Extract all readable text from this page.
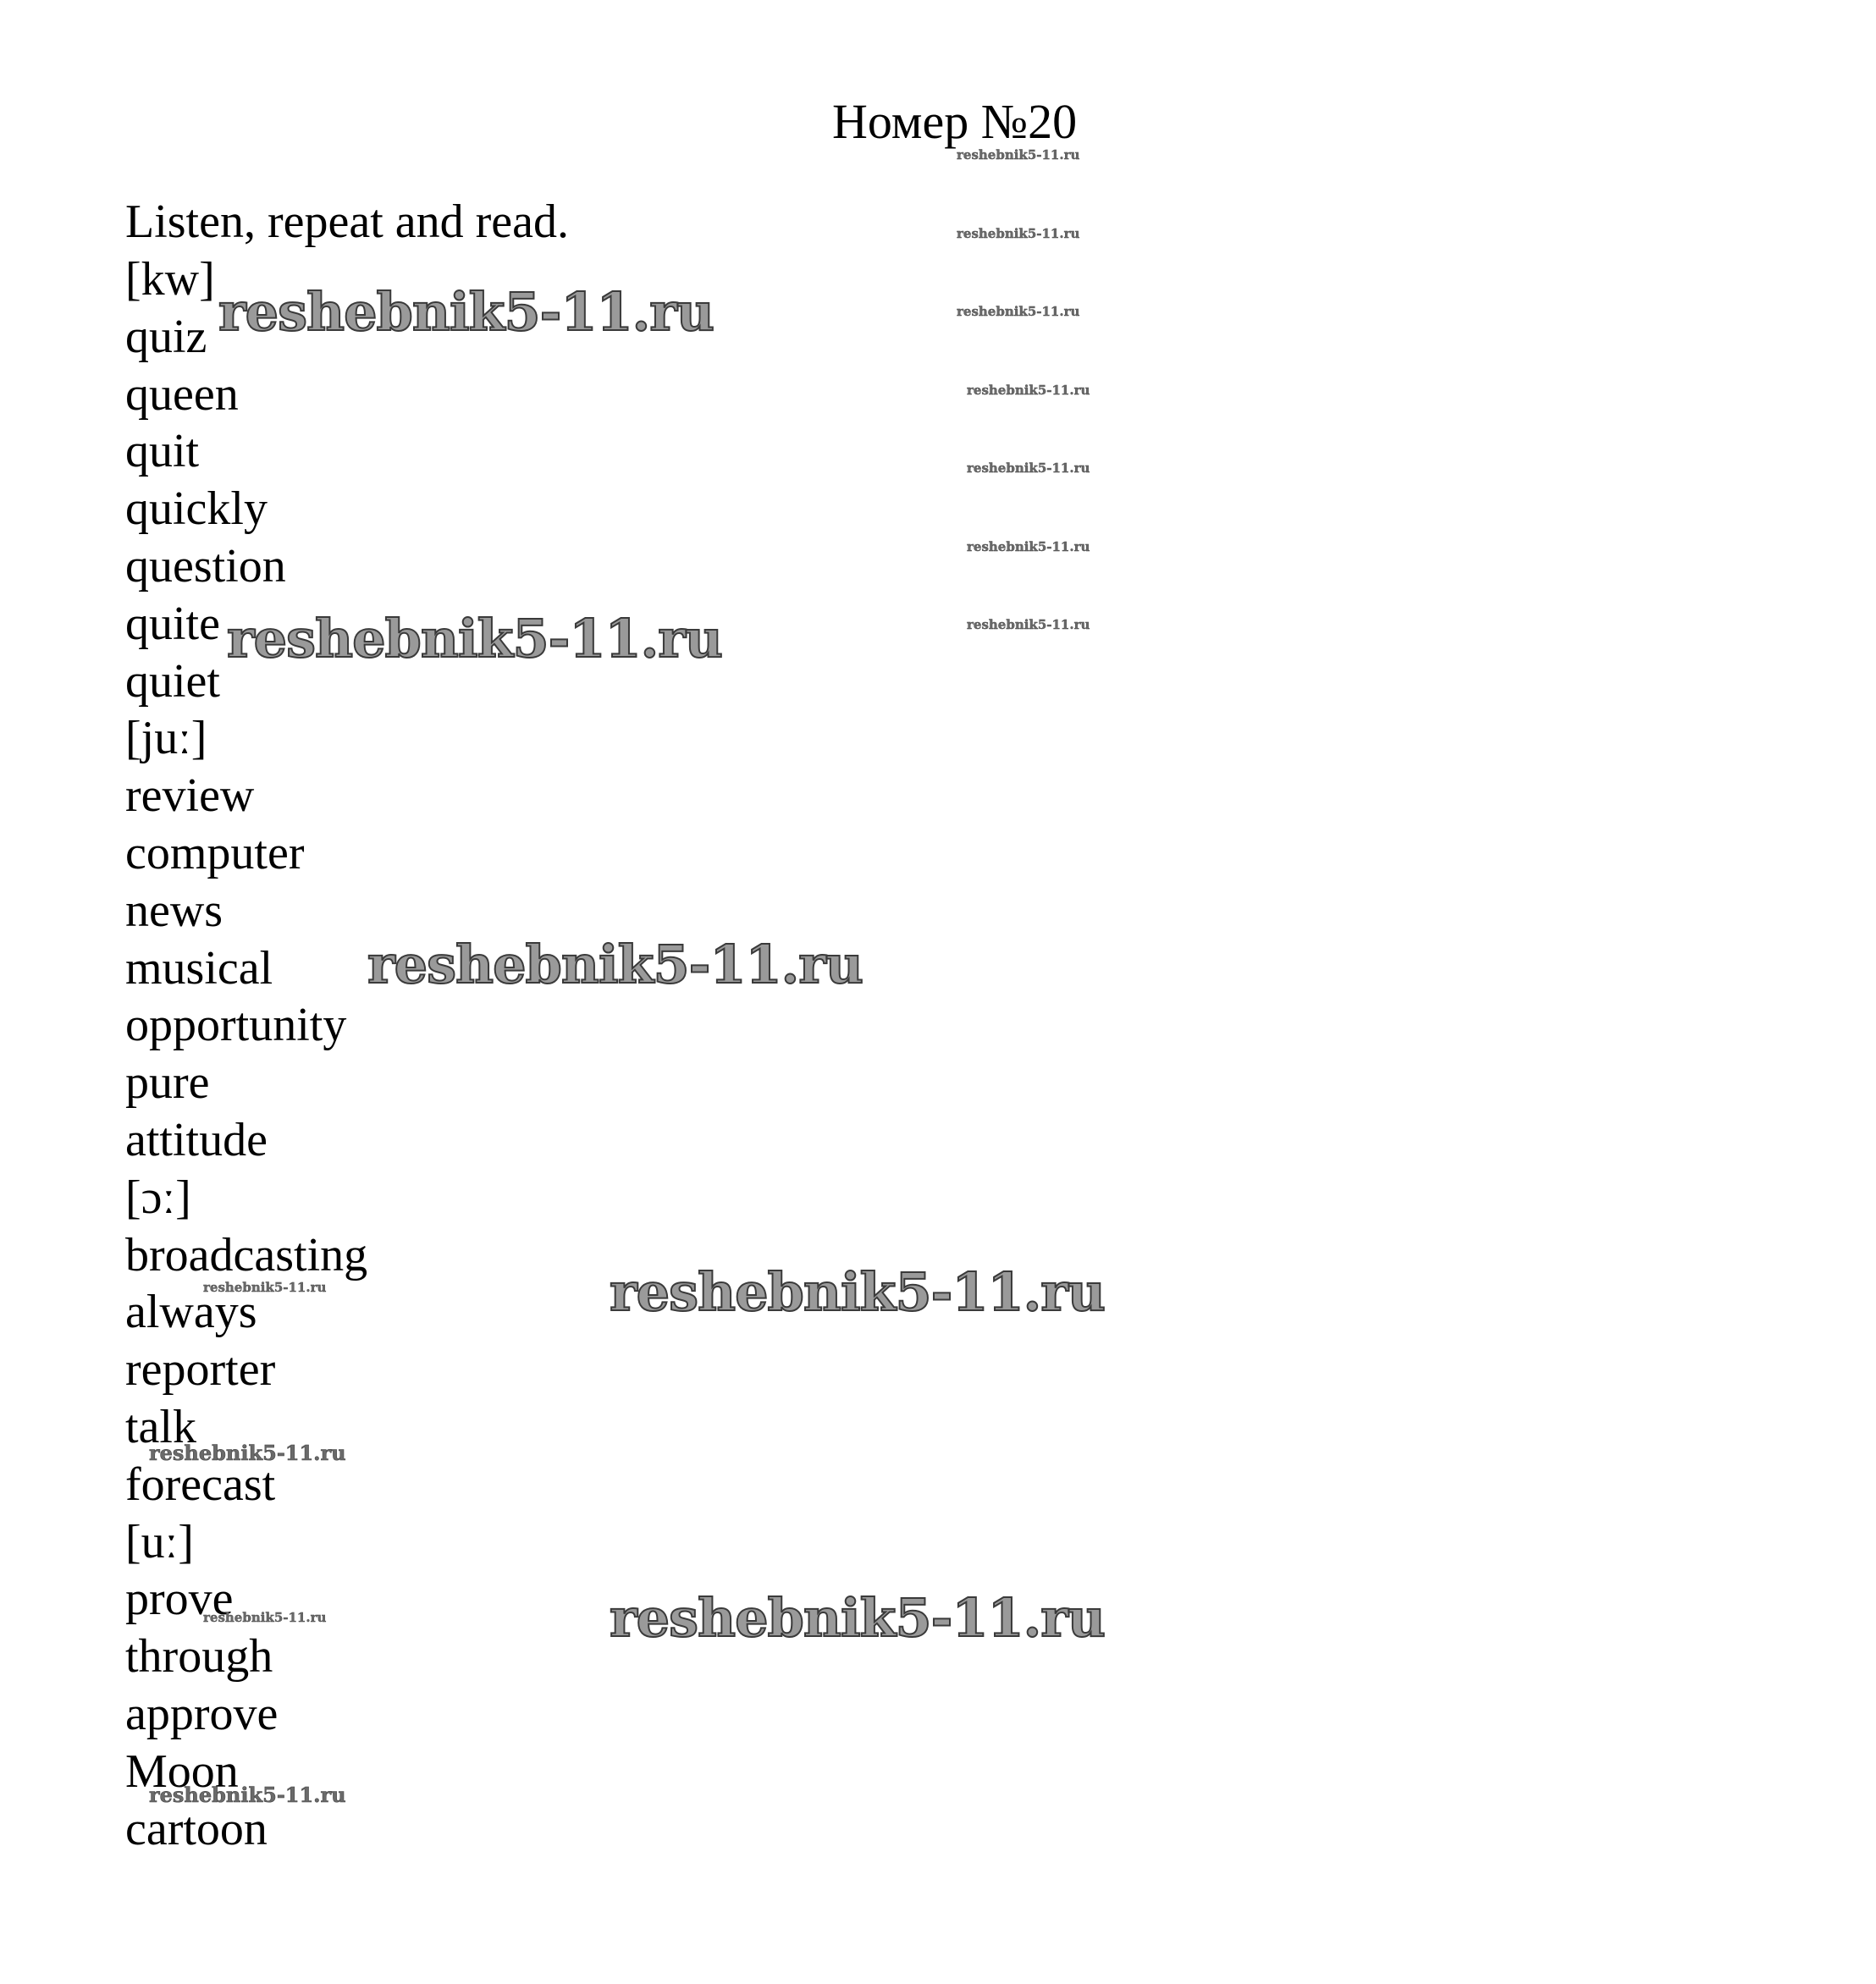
Номер №20
Listen, repeat and read.
[kw]
quiz
queen
quit
quickly
question
quite
quiet
[juː]
review
computer
news
musical
opportunity
pure
attitude
[ɔː]
broadcasting
always
reporter
talk
forecast
[uː]
prove
through
approve
Moon
cartoon
reshebnik5-11.ru
reshebnik5-11.ru
reshebnik5-11.ru
reshebnik5-11.ru
reshebnik5-11.ru
reshebnik5-11.ru
reshebnik5-11.ru
reshebnik5-11.ru
reshebnik5-11.ru
reshebnik5-11.ru
reshebnik5-11.ru
reshebnik5-11.ru
reshebnik5-11.ru
reshebnik5-11.ru
reshebnik5-11.ru
reshebnik5-11.ru
